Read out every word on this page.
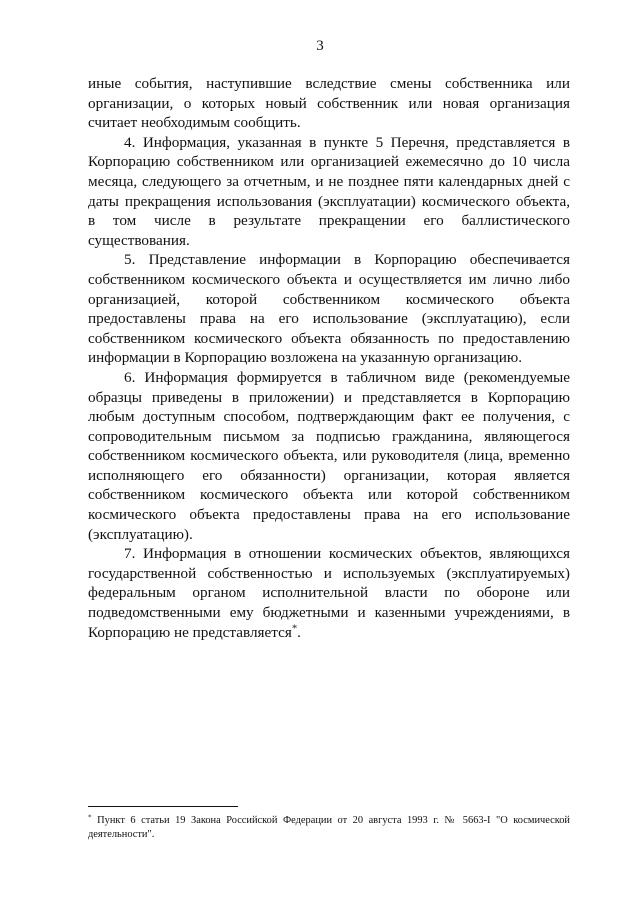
3

иные события, наступившие вследствие смены собственника или организации, о которых новый собственник или новая организация считает необходимым сообщить.

4. Информация, указанная в пункте 5 Перечня, представляется в Корпорацию собственником или организацией ежемесячно до 10 числа месяца, следующего за отчетным, и не позднее пяти календарных дней с даты прекращения использования (эксплуатации) космического объекта, в том числе в результате прекращении его баллистического существования.

5. Представление информации в Корпорацию обеспечивается собственником космического объекта и осуществляется им лично либо организацией, которой собственником космического объекта предоставлены права на его использование (эксплуатацию), если собственником космического объекта обязанность по предоставлению информации в Корпорацию возложена на указанную организацию.

6. Информация формируется в табличном виде (рекомендуемые образцы приведены в приложении) и представляется в Корпорацию любым доступным способом, подтверждающим факт ее получения, с сопроводительным письмом за подписью гражданина, являющегося собственником космического объекта, или руководителя (лица, временно исполняющего его обязанности) организации, которая является собственником космического объекта или которой собственником космического объекта предоставлены права на его использование (эксплуатацию).

7. Информация в отношении космических объектов, являющихся государственной собственностью и используемых (эксплуатируемых) федеральным органом исполнительной власти по обороне или подведомственными ему бюджетными и казенными учреждениями, в Корпорацию не представляется*.

* Пункт 6 статьи 19 Закона Российской Федерации от 20 августа 1993 г. № 5663-I "О космической деятельности".
